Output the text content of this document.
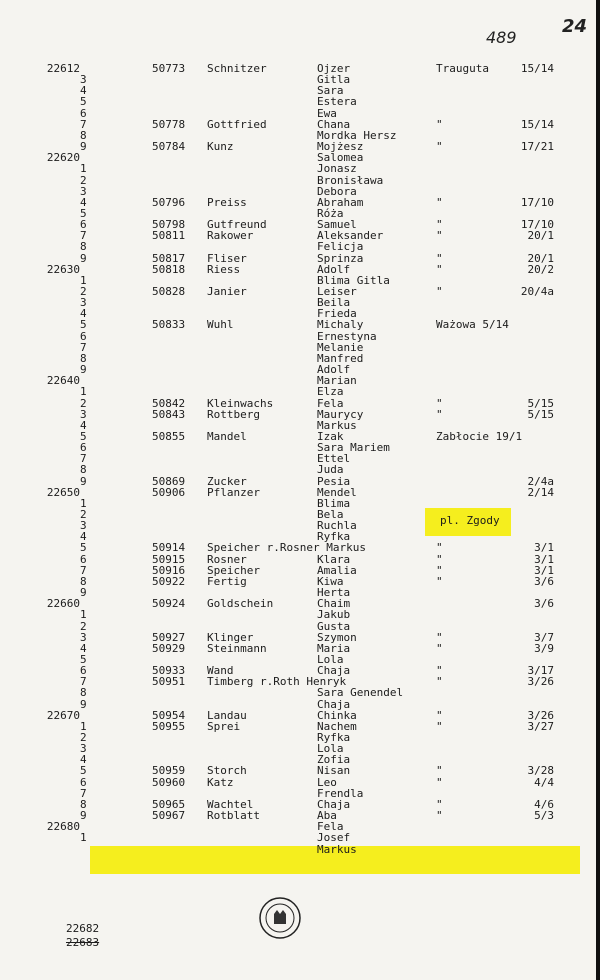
489
24
pl. Zgody
22612	50773 Schnitzer	Ojzer	Trauguta	15/14
3	Gitla
4	Sara
5	Estera
6	Ewa
7	50778 Gottfried	Chana	"	15/14
8	Mordka Hersz
9	50784 Kunz	Mojżesz	"	17/21
22620	Salomea
1	Jonasz
2	Bronisława
3	Debora
4	50796 Preiss	Abraham	"	17/10
5	Róża
6	50798 Gutfreund	Samuel	"	17/10
7	50811 Rakower	Aleksander	"	20/1
8	Felicja
9	50817 Fliser	Sprinza	"	20/1
22630	50818 Riess	Adolf	"	20/2
1	Blima Gitla
2	50828 Janier	Leiser	"	20/4a
3	Beila
4	Frieda
5	50833 Wuhl	Michaly	Ważowa 5/14
6	Ernestyna
7	Melanie
8	Manfred
9	Adolf
22640	Marian
1	Elza
2	50842 Kleinwachs	Fela	"	5/15
3	50843 Rottberg	Maurycy	"	5/15
4	Markus
5	50855 Mandel	Izak	Zabłocie 19/1
6	Sara Mariem
7	Ettel
8	Juda
9	50869 Zucker	Pesia	2/4a
22650	50906 Pflanzer	Mendel	2/14
1	Blima
2	Bela
3	Ruchla
4	Ryfka
5	50914 Speicher r.Rosner Markus	"	3/1
6	50915 Rosner	Klara	"	3/1
7	50916 Speicher	Amalia	"	3/1
8	50922 Fertig	Kiwa	"	3/6
9	Herta
22660	50924 Goldschein	Chaim	3/6
1	Jakub
2	Gusta
3	50927 Klinger	Szymon	"	3/7
4	50929 Steinmann	Maria	"	3/9
5	Lola
6	50933 Wand	Chaja	"	3/17
7	50951 Timberg r.Roth Henryk	"	3/26
8	Sara Genendel
9	Chaja
22670	50954 Landau	Chinka	"	3/26
1	50955 Sprei	Nachem	"	3/27
2	Ryfka
3	Lola
4	Zofia
5	50959 Storch	Nisan	"	3/28
6	50960 Katz	Leo	"	4/4
7	Frendla
8	50965 Wachtel	Chaja	"	4/6
9	50967 Rotblatt	Aba	"	5/3
22680	Fela
1	Josef
Markus
22682
22683
